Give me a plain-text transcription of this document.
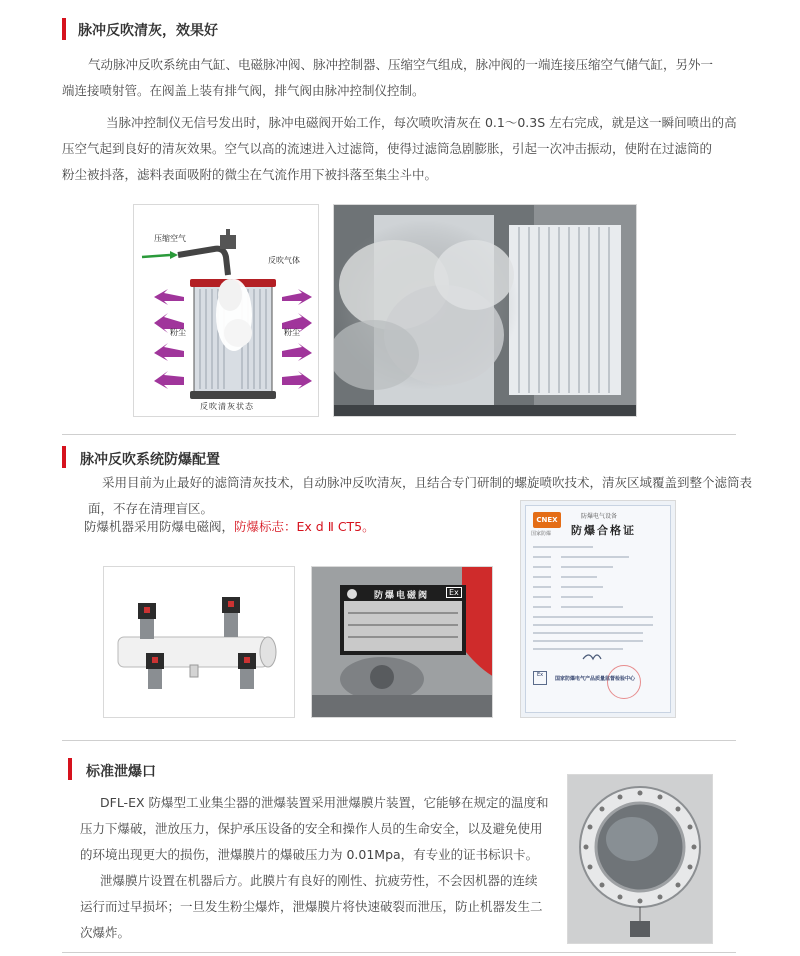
脉冲反吹清灰，效果好
气动脉冲反吹系统由气缸、电磁脉冲阀、脉冲控制器、压缩空气组成，脉冲阀的一端连接压缩空气储气缸，另外一
端连接喷射管。在阀盖上装有排气阀，排气阀由脉冲控制仪控制。
当脉冲控制仪无信号发出时，脉冲电磁阀开始工作，每次喷吹清灰在 0.1～0.3S 左右完成，就是这一瞬间喷出的高
压空气起到良好的清灰效果。空气以高的流速进入过滤筒，使得过滤筒急剧膨胀，引起一次冲击振动，使附在过滤筒的
粉尘被抖落，滤料表面吸附的微尘在气流作用下被抖落至集尘斗中。
压缩空气
反吹气体
粉尘	粉尘
反吹清灰状态
脉冲反吹系统防爆配置
采用目前为止最好的滤筒清灰技术，自动脉冲反吹清灰，且结合专门研制的螺旋喷吹技术，清灰区域覆盖到整个滤筒表
面，不存在清理盲区。
防爆机器采用防爆电磁阀，防爆标志：Ex d Ⅱ CT5。
防爆电磁阀	Ex
CNEX
国家防爆
防爆电气设备
防爆合格证
Ex
国家防爆电气产品质量监督检验中心
标准泄爆口
DFL-EX 防爆型工业集尘器的泄爆装置采用泄爆膜片装置，它能够在规定的温度和
压力下爆破，泄放压力，保护承压设备的安全和操作人员的生命安全，以及避免使用
的环境出现更大的损伤，泄爆膜片的爆破压力为 0.01Mpa，有专业的证书标识卡。
泄爆膜片设置在机器后方。此膜片有良好的刚性、抗疲劳性，不会因机器的连续
运行而过早损坏；一旦发生粉尘爆炸，泄爆膜片将快速破裂而泄压，防止机器发生二
次爆炸。
